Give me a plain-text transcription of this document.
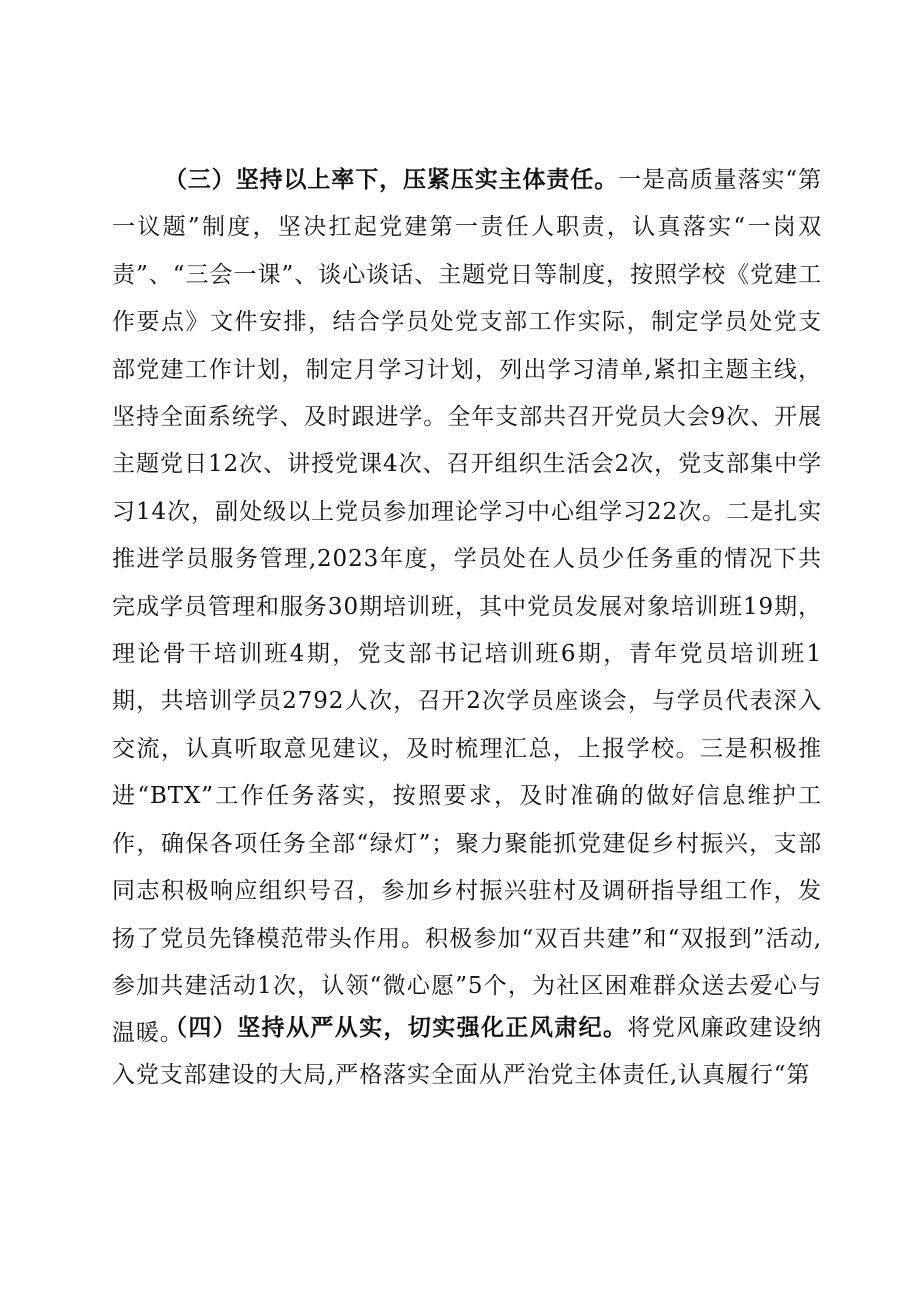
（三）坚持以上率下，压紧压实主体责任。一是高质量落实“第一议题”制度，坚决扛起党建第一责任人职责，认真落实“一岗双责”、“三会一课”、谈心谈话、主题党日等制度，按照学校《党建工作要点》文件安排，结合学员处党支部工作实际，制定学员处党支部党建工作计划，制定月学习计划，列出学习清单,紧扣主题主线，坚持全面系统学、及时跟进学。全年支部共召开党员大会9次、开展主题党日12次、讲授党课4次、召开组织生活会2次，党支部集中学习14次，副处级以上党员参加理论学习中心组学习22次。二是扎实推进学员服务管理,2023年度，学员处在人员少任务重的情况下共完成学员管理和服务30期培训班，其中党员发展对象培训班19期，理论骨干培训班4期，党支部书记培训班6期，青年党员培训班1期，共培训学员2792人次，召开2次学员座谈会，与学员代表深入交流，认真听取意见建议，及时梳理汇总，上报学校。三是积极推进“BTX”工作任务落实，按照要求，及时准确的做好信息维护工作，确保各项任务全部“绿灯”；聚力聚能抓党建促乡村振兴，支部同志积极响应组织号召，参加乡村振兴驻村及调研指导组工作，发扬了党员先锋模范带头作用。积极参加“双百共建”和“双报到”活动,参加共建活动1次，认领“微心愿”5个，为社区困难群众送去爱心与温暖。

（四）坚持从严从实，切实强化正风肃纪。将党风廉政建设纳入党支部建设的大局,严格落实全面从严治党主体责任,认真履行“第
